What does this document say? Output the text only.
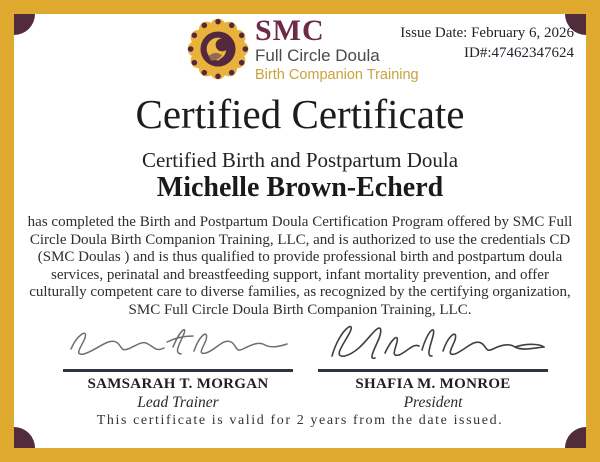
SMC
Full Circle Doula
Birth Companion Training
Issue Date: February 6, 2026
ID#:47462347624
Certified Certificate
Certified Birth and Postpartum Doula
Michelle Brown-Echerd
has completed the Birth and Postpartum Doula Certification Program offered by SMC Full Circle Doula Birth Companion Training, LLC, and is authorized to use the credentials CD (SMC Doulas ) and is thus qualified to provide professional birth and postpartum doula services, perinatal and breastfeeding support, infant mortality prevention, and offer culturally competent care to diverse families, as recognized by the certifying organization, SMC Full Circle Doula Birth Companion Training, LLC.
SAMSARAH T. MORGAN
Lead Trainer
SHAFIA M. MONROE
President
This certificate is valid for 2 years from the date issued.
